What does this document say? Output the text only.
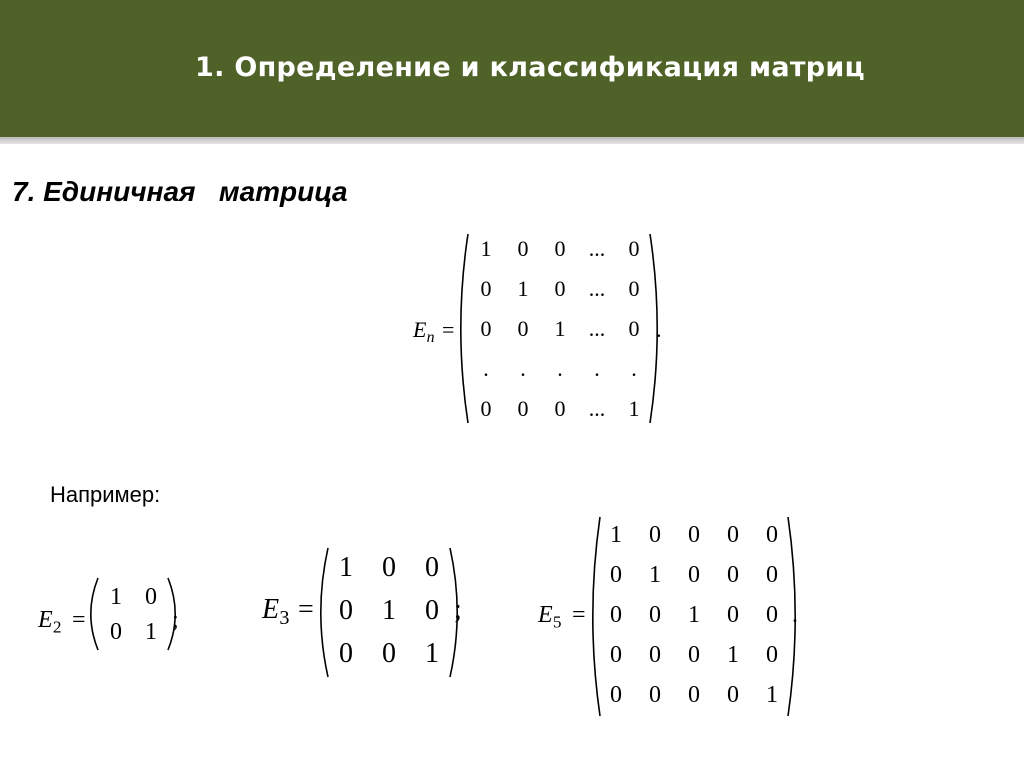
1. Определение и классификация матриц
7. Единичная   матрица
Например:
E n =
1 0 0 ... 0
0 1 0 ... 0
0 0 1 ... 0
. . . . .
0 0 0 ... 1
.
E 2 =
1 0
0 1 ;	E 3 =
1 0 0
0 1 0
0 0 1
;	E 5 =
1 0 0 0 0
0 1 0 0 0
0 0 1 0 0
0 0 0 1 0
0 0 0 0 1
.
